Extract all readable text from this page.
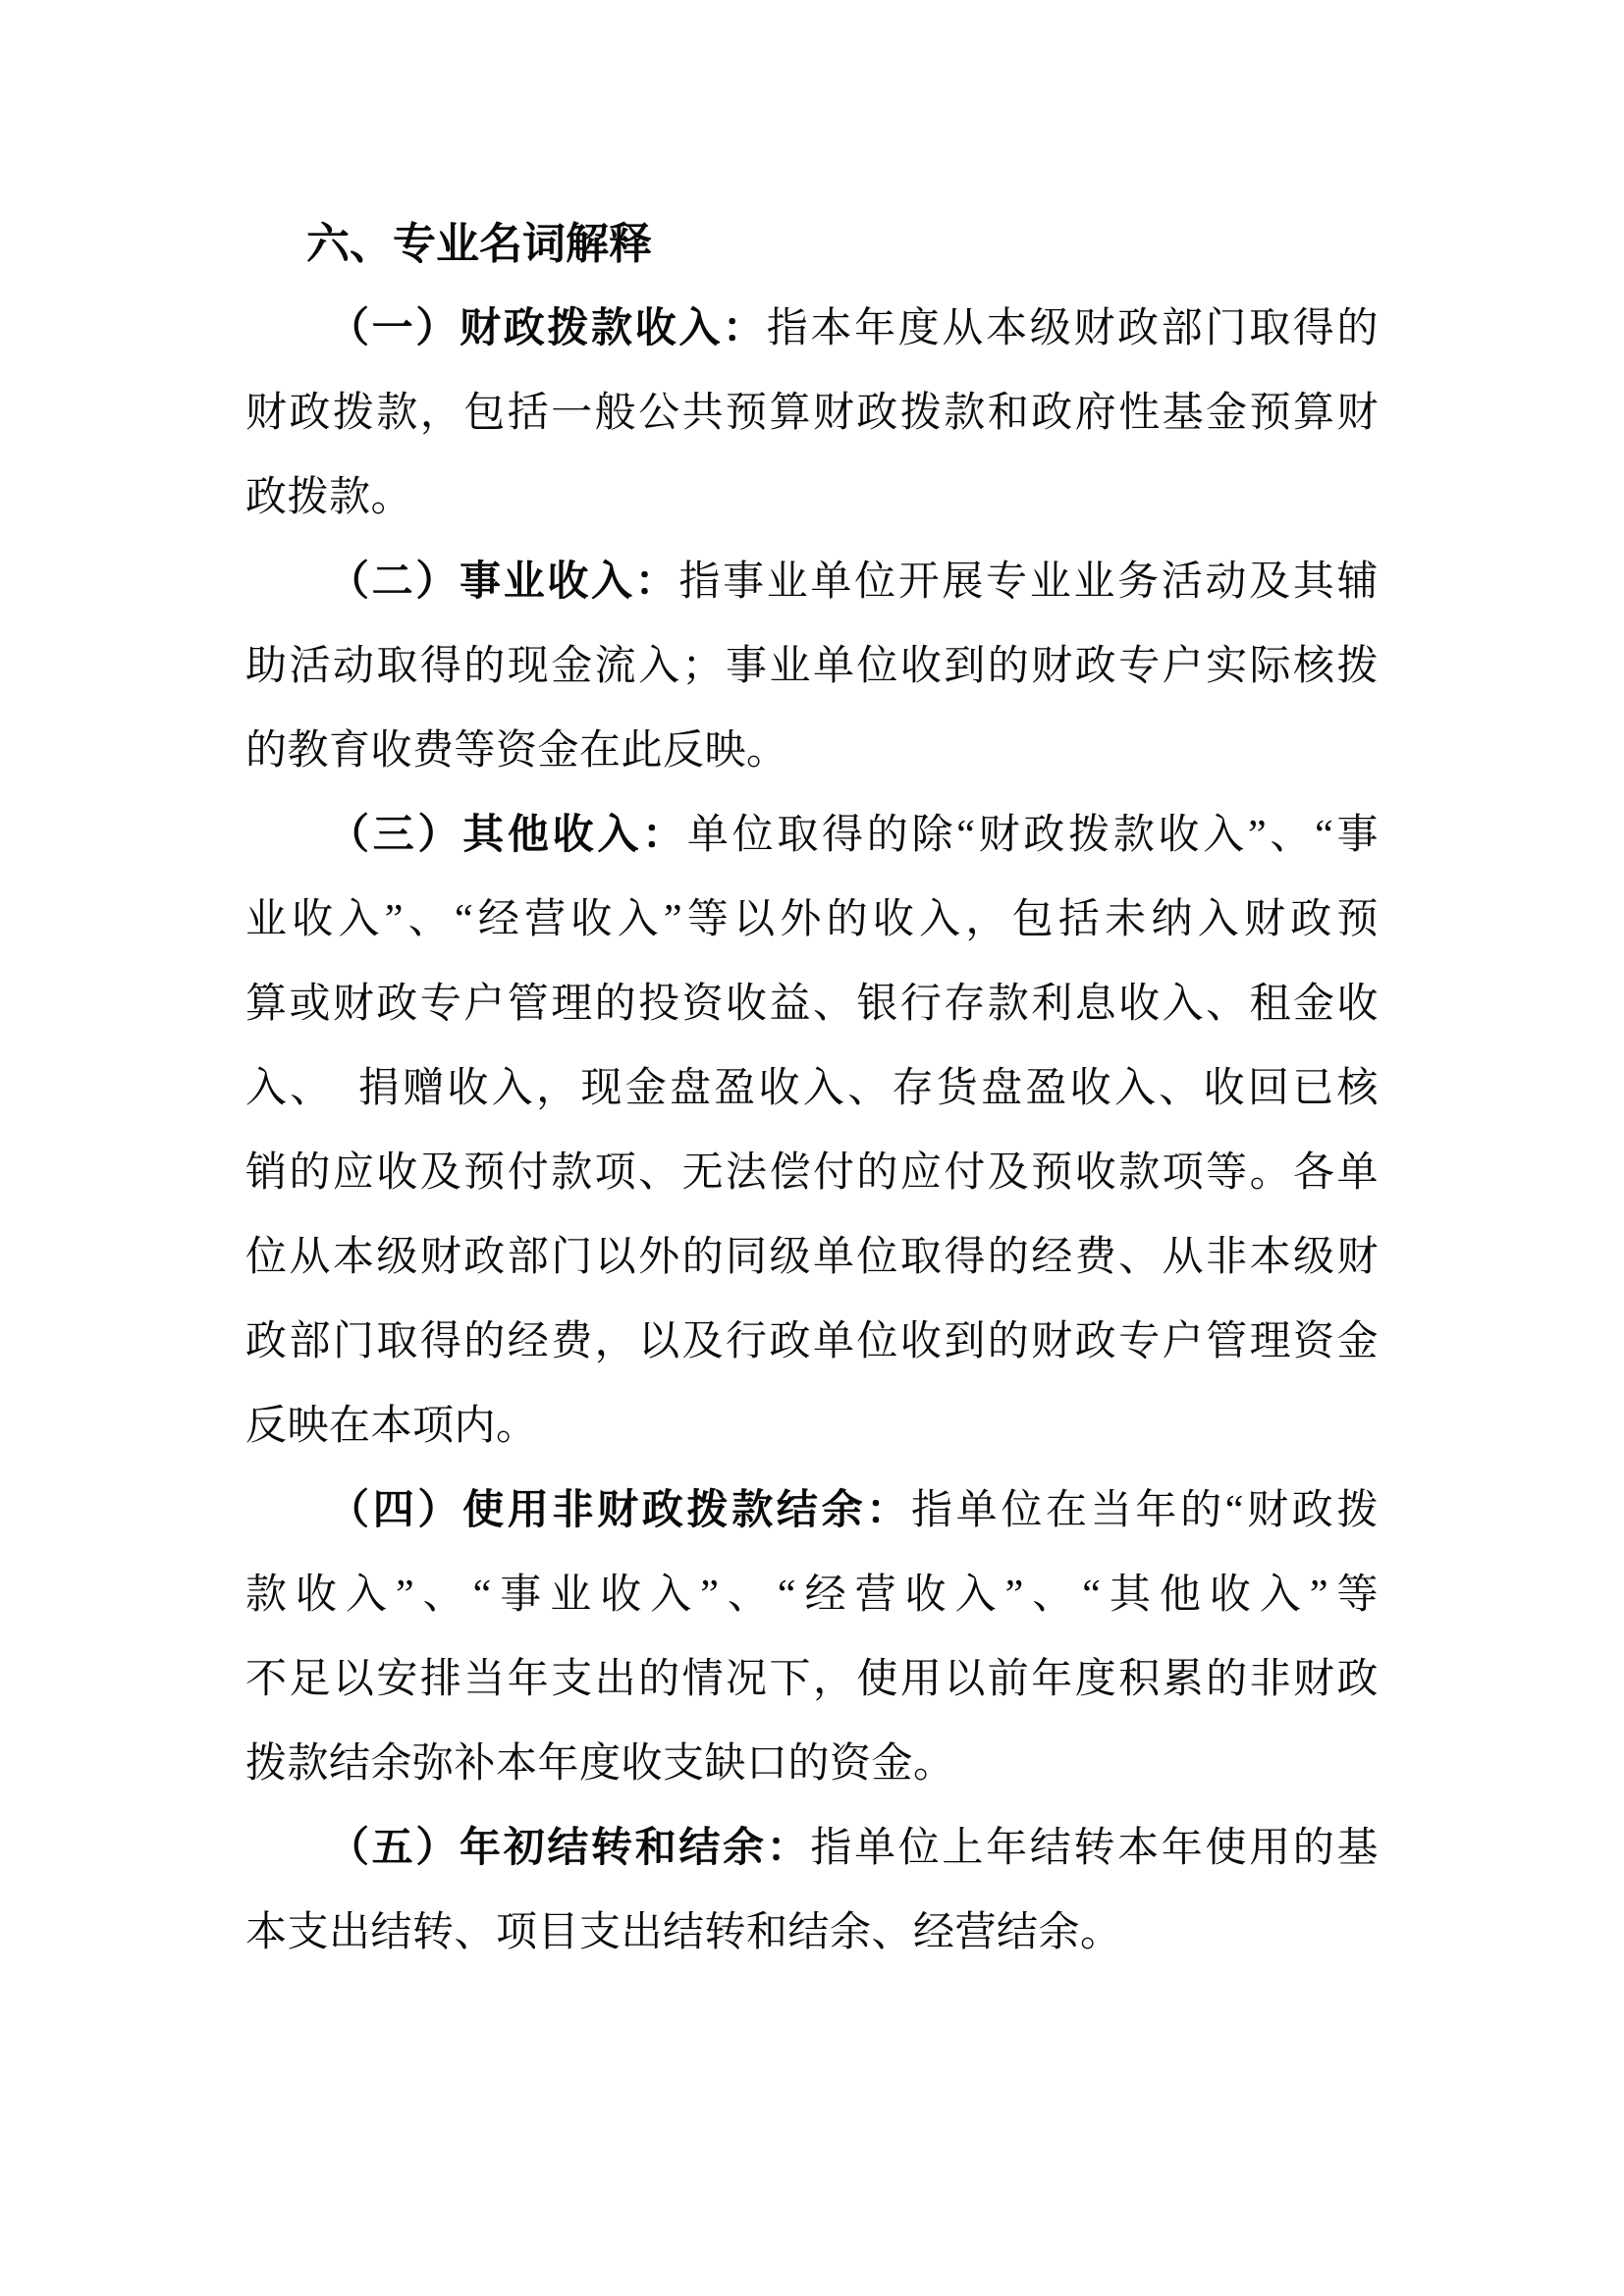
六、专业名词解释
（一）财政拨款收入：指本年度从本级财政部门取得的
财政拨款，包括一般公共预算财政拨款和政府性基金预算财
政拨款。
（二）事业收入：指事业单位开展专业业务活动及其辅
助活动取得的现金流入；事业单位收到的财政专户实际核拨
的教育收费等资金在此反映。
（三）其他收入：单位取得的除“财政拨款收入”、“事
业收入”、“经营收入”等以外的收入，包括未纳入财政预
算或财政专户管理的投资收益、银行存款利息收入、租金收
入、　捐赠收入，现金盘盈收入、存货盘盈收入、收回已核
销的应收及预付款项、无法偿付的应付及预收款项等。各单
位从本级财政部门以外的同级单位取得的经费、从非本级财
政部门取得的经费，以及行政单位收到的财政专户管理资金
反映在本项内。
（四）使用非财政拨款结余：指单位在当年的“财政拨
款收入”、“事业收入”、“经营收入”、“其他收入”等
不足以安排当年支出的情况下，使用以前年度积累的非财政
拨款结余弥补本年度收支缺口的资金。
（五）年初结转和结余：指单位上年结转本年使用的基
本支出结转、项目支出结转和结余、经营结余。
